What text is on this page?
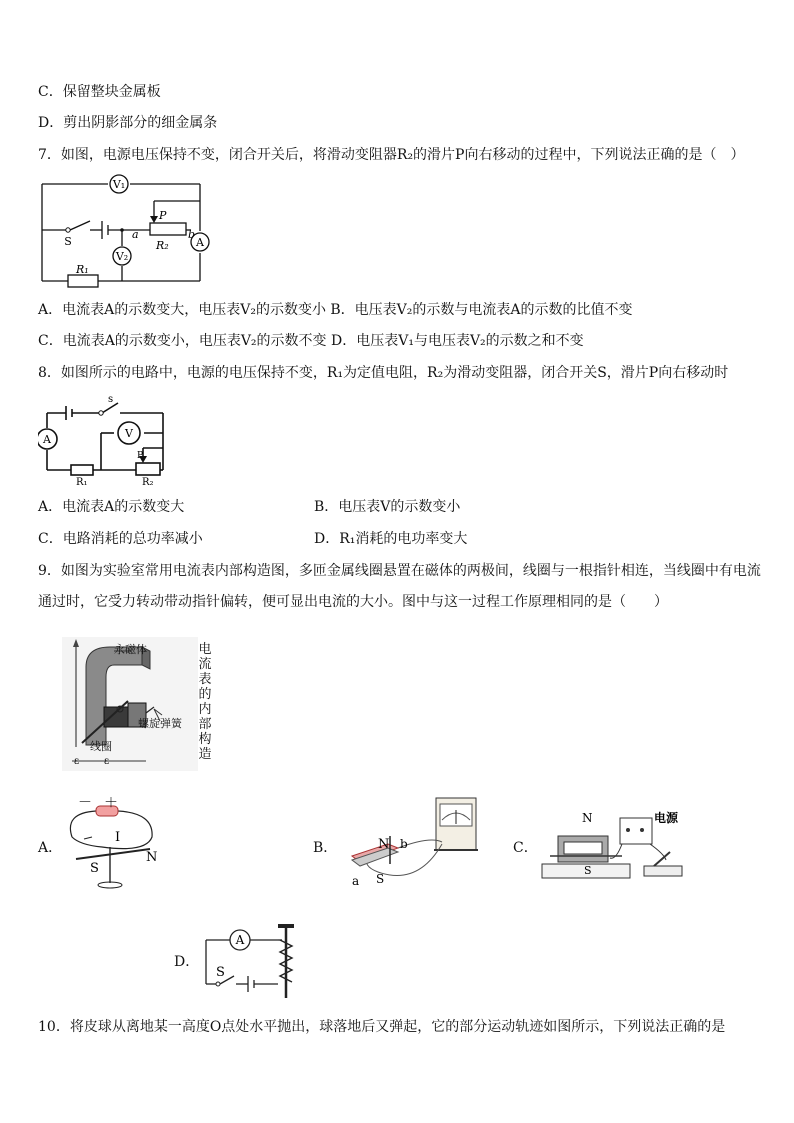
C．保留整块金属板
D．剪出阴影部分的细金属条
7．如图，电源电压保持不变，闭合开关后，将滑动变阻器R₂的滑片P向右移动的过程中，下列说法正确的是（　）
V₁
V₂
A
S
P
R₂
R₁
a	b
A．电流表A的示数变大，电压表V₂的示数变小 B．电压表V₂的示数与电流表A的示数的比值不变
C．电流表A的示数变小，电压表V₂的示数不变 D．电压表V₁与电压表V₂的示数之和不变
8．如图所示的电路中，电源的电压保持不变，R₁为定值电阻，R₂为滑动变阻器，闭合开关S，滑片P向右移动时
A	V
s
P
R₁	R₂
A．电流表A的示数变大	B．电压表V的示数变小
C．电路消耗的总功率减小	D．R₁消耗的电功率变大
9．如图为实验室常用电流表内部构造图，多匝金属线圈悬置在磁体的两极间，线圈与一根指针相连，当线圈中有电流
通过时，它受力转动带动指针偏转，便可显出电流的大小。图中与这一过程工作原理相同的是（　　）
ε ε
永磁体
螺旋弹簧
线圈
电
流
表
的
内
部
构
造
A．
－ ＋
I
S
N
B．	N b
a S
C．
N
S
电源
D．
A
S
10．将皮球从离地某一高度O点处水平抛出，球落地后又弹起，它的部分运动轨迹如图所示，下列说法正确的是
